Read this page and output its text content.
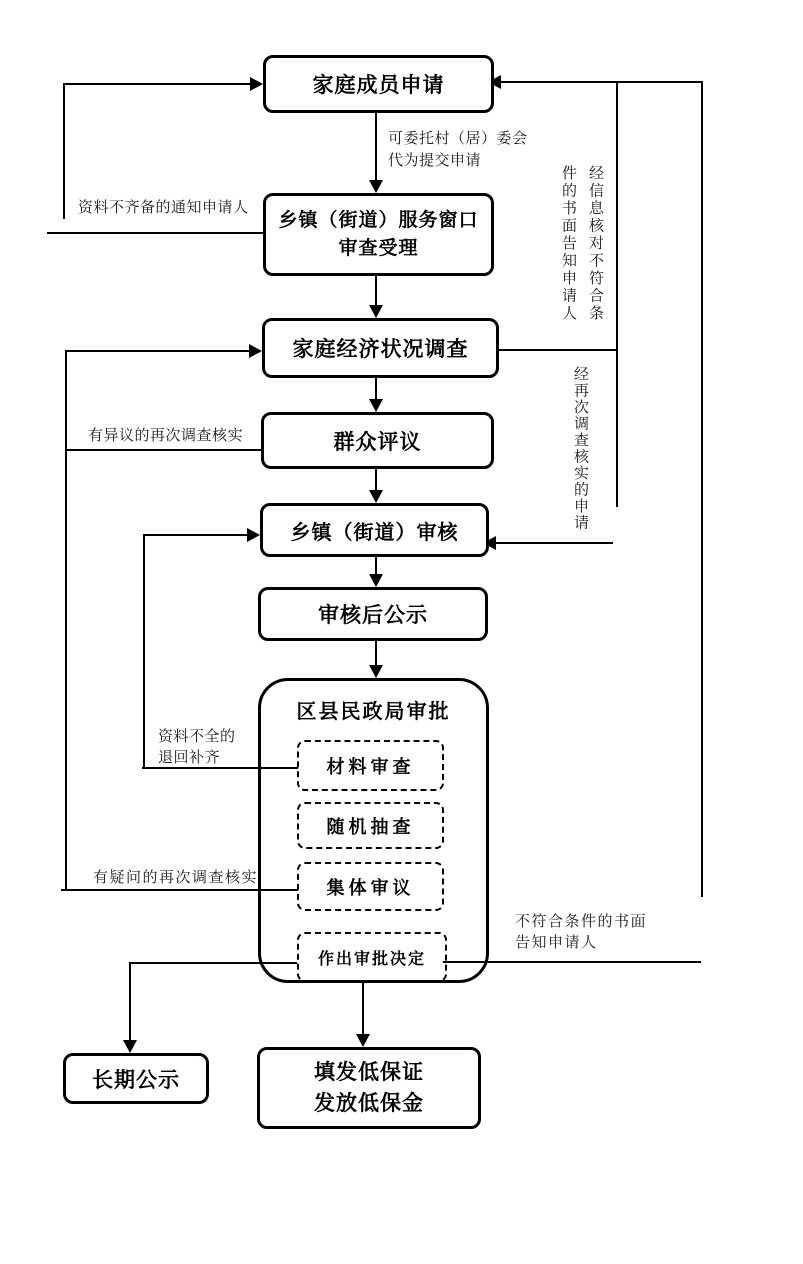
家庭成员申请
乡镇（街道）服务窗口
审查受理
家庭经济状况调查
群众评议
乡镇（街道）审核
审核后公示
区县民政局审批
材料审查
随机抽查
集体审议
作出审批决定
长期公示	填发低保证
发放低保金
可委托村（居）委会
代为提交申请
资料不齐备的通知申请人
有异议的再次调查核实
资料不全的
退回补齐
有疑问的再次调查核实
不符合条件的书面
告知申请人
经信息核对不符合条件的书面告知申请人
经再次调查核实的申请
